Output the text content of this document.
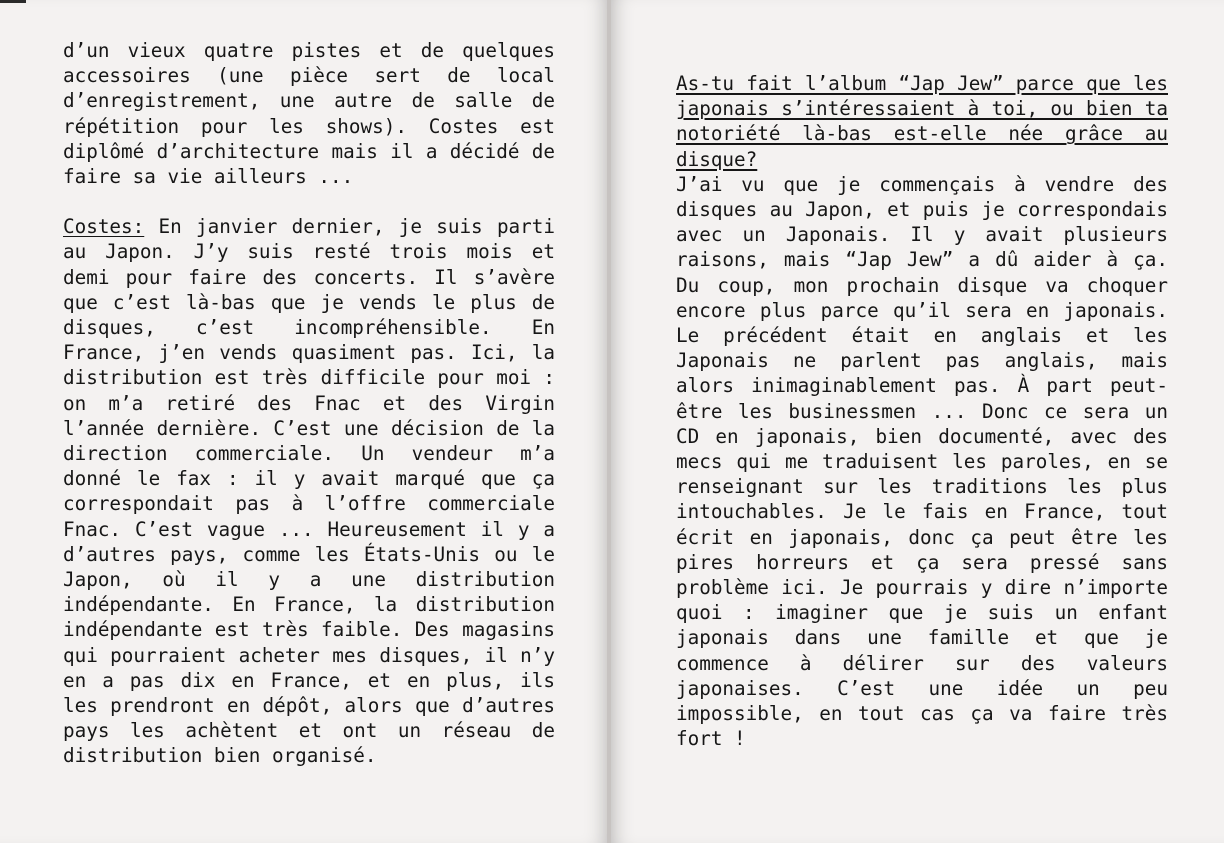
d’un vieux quatre pistes et de quelques accessoires (une pièce sert de local d’enregistrement, une autre de salle de répétition pour les shows). Costes est diplômé d’architecture mais il a décidé de faire sa vie ailleurs ...

Costes: En janvier dernier, je suis parti au Japon. J’y suis resté trois mois et demi pour faire des concerts. Il s’avère que c’est là-bas que je vends le plus de disques, c’est incompréhensible. En France, j’en vends quasiment pas. Ici, la distribution est très difficile pour moi : on m’a retiré des Fnac et des Virgin l’année dernière. C’est une décision de la direction commerciale. Un vendeur m’a donné le fax : il y avait marqué que ça correspondait pas à l’offre commerciale Fnac. C’est vague ... Heureusement il y a d’autres pays, comme les États-Unis ou le Japon, où il y a une distribution indépendante. En France, la distribution indépendante est très faible. Des magasins qui pourraient acheter mes disques, il n’y en a pas dix en France, et en plus, ils les prendront en dépôt, alors que d’autres pays les achètent et ont un réseau de distribution bien organisé.

As-tu fait l’album “Jap Jew” parce que les japonais s’intéressaient à toi, ou bien ta notoriété là-bas est-elle née grâce au disque?

J’ai vu que je commençais à vendre des disques au Japon, et puis je correspondais avec un Japonais. Il y avait plusieurs raisons, mais “Jap Jew” a dû aider à ça. Du coup, mon prochain disque va choquer encore plus parce qu’il sera en japonais. Le précédent était en anglais et les Japonais ne parlent pas anglais, mais alors inimaginablement pas. À part peut-être les businessmen ... Donc ce sera un CD en japonais, bien documenté, avec des mecs qui me traduisent les paroles, en se renseignant sur les traditions les plus intouchables. Je le fais en France, tout écrit en japonais, donc ça peut être les pires horreurs et ça sera pressé sans problème ici. Je pourrais y dire n’importe quoi : imaginer que je suis un enfant japonais dans une famille et que je commence à délirer sur des valeurs japonaises. C’est une idée un peu impossible, en tout cas ça va faire très fort !
